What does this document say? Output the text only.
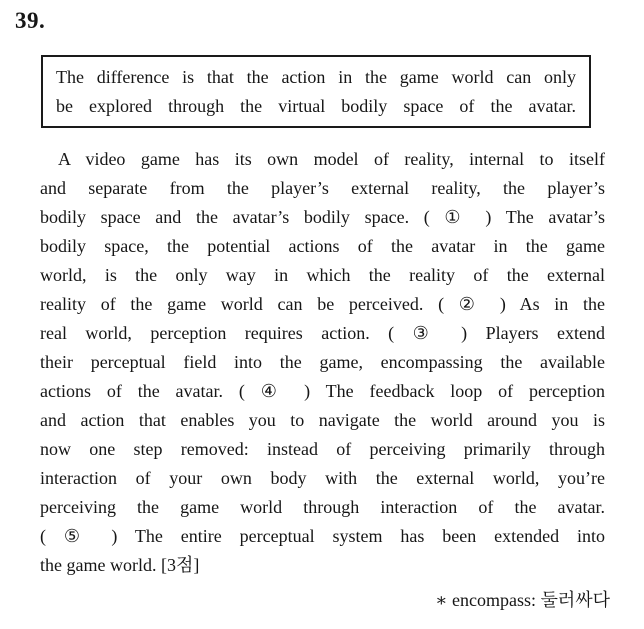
39.
The difference is that the action in the game world can only
be explored through the virtual bodily space of the avatar.
A video game has its own model of reality, internal to itself
and separate from the player’s external reality, the player’s
bodily space and the avatar’s bodily space. ( ① ) The avatar’s
bodily space, the potential actions of the avatar in the game
world, is the only way in which the reality of the external
reality of the game world can be perceived. ( ② ) As in the
real world, perception requires action. ( ③ ) Players extend
their perceptual field into the game, encompassing the available
actions of the avatar. ( ④ ) The feedback loop of perception
and action that enables you to navigate the world around you is
now one step removed: instead of perceiving primarily through
interaction of your own body with the external world, you’re
perceiving the game world through interaction of the avatar.
( ⑤ ) The entire perceptual system has been extended into
the game world. [3점]
∗ encompass: 둘러싸다
